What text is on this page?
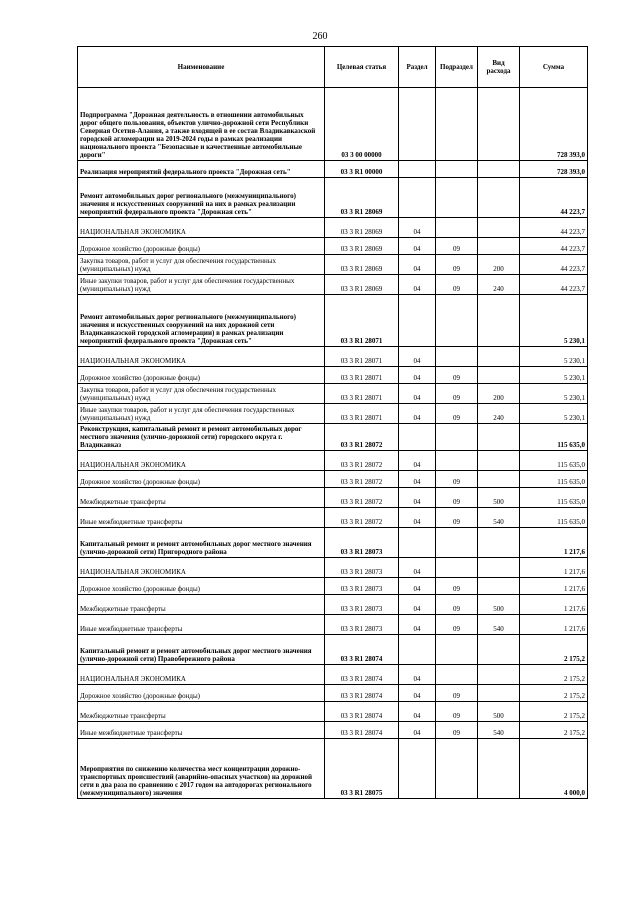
260
Наименование	Целевая статья	Раздел	Подраздел	Вид расхода	Сумма
Подпрограмма "Дорожная деятельность в отношении автомобильных дорог общего пользования, объектов улично-дорожной сети Республики Северная Осетия-Алания, а также входящей в ее состав Владикавказской городской агломерации на 2019-2024 годы в рамках реализации национального проекта "Безопасные и качественные автомобильные дороги"	03 3 00 00000				728 393,0
Реализация мероприятий федерального проекта "Дорожная сеть"	03 3 R1 00000				728 393,0
Ремонт автомобильных дорог регионального (межмуниципального) значения и искусственных сооружений на них в рамках реализации мероприятий федерального проекта "Дорожная сеть"	03 3 R1 28069				44 223,7
НАЦИОНАЛЬНАЯ ЭКОНОМИКА	03 3 R1 28069	04			44 223,7
Дорожное хозяйство (дорожные фонды)	03 3 R1 28069	04	09		44 223,7
Закупка товаров, работ и услуг для обеспечения государственных (муниципальных) нужд	03 3 R1 28069	04	09	200	44 223,7
Иные закупки товаров, работ и услуг для обеспечения государственных (муниципальных) нужд	03 3 R1 28069	04	09	240	44 223,7
Ремонт автомобильных дорог регионального (межмуниципального) значения и искусственных сооружений на них дорожной сети Владикавказской городской агломерации) в рамках реализации мероприятий федерального проекта "Дорожная сеть"	03 3 R1 28071				5 230,1
НАЦИОНАЛЬНАЯ ЭКОНОМИКА	03 3 R1 28071	04			5 230,1
Дорожное хозяйство (дорожные фонды)	03 3 R1 28071	04	09		5 230,1
Закупка товаров, работ и услуг для обеспечения государственных (муниципальных) нужд	03 3 R1 28071	04	09	200	5 230,1
Иные закупки товаров, работ и услуг для обеспечения государственных (муниципальных) нужд	03 3 R1 28071	04	09	240	5 230,1
Реконструкция, капитальный ремонт и ремонт автомобильных дорог местного значения (улично-дорожной сети) городского округа г. Владикавказ	03 3 R1 28072				115 635,0
НАЦИОНАЛЬНАЯ ЭКОНОМИКА	03 3 R1 28072	04			115 635,0
Дорожное хозяйство (дорожные фонды)	03 3 R1 28072	04	09		115 635,0
Межбюджетные трансферты	03 3 R1 28072	04	09	500	115 635,0
Иные межбюджетные трансферты	03 3 R1 28072	04	09	540	115 635,0
Капитальный ремонт и ремонт автомобильных дорог местного значения (улично-дорожной сети) Пригородного района	03 3 R1 28073				1 217,6
НАЦИОНАЛЬНАЯ ЭКОНОМИКА	03 3 R1 28073	04			1 217,6
Дорожное хозяйство (дорожные фонды)	03 3 R1 28073	04	09		1 217,6
Межбюджетные трансферты	03 3 R1 28073	04	09	500	1 217,6
Иные межбюджетные трансферты	03 3 R1 28073	04	09	540	1 217,6
Капитальный ремонт и ремонт автомобильных дорог местного значения (улично-дорожной сети) Правобережного района	03 3 R1 28074				2 175,2
НАЦИОНАЛЬНАЯ ЭКОНОМИКА	03 3 R1 28074	04			2 175,2
Дорожное хозяйство (дорожные фонды)	03 3 R1 28074	04	09		2 175,2
Межбюджетные трансферты	03 3 R1 28074	04	09	500	2 175,2
Иные межбюджетные трансферты	03 3 R1 28074	04	09	540	2 175,2
Мероприятия по снижению количества мест концентрации дорожно-транспортных происшествий (аварийно-опасных участков) на дорожной сети в два раза по сравнению с 2017 годом на автодорогах регионального (межмуниципального) значения	03 3 R1 28075				4 000,0
